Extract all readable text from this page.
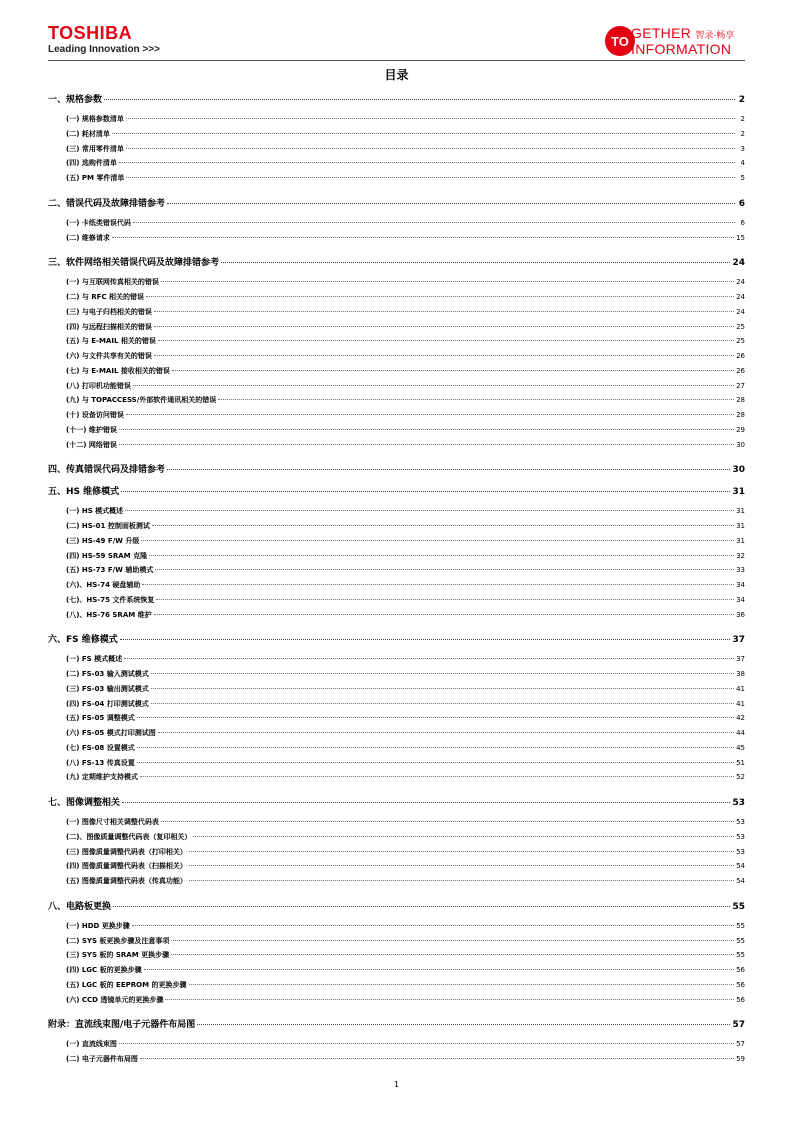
TOSHIBA
Leading Innovation >>>
TO GETHER 智录·畅享
INFORMATION
目录
一、规格参数	2
(一) 规格参数清单	2
(二) 耗材清单	2
(三) 常用零件清单	3
(四) 选购件清单	4
(五) PM 零件清单	5
二、错误代码及故障排错参考	6
(一) 卡纸类错误代码	6
(二) 维修请求	15
三、软件网络相关错误代码及故障排错参考	24
(一) 与互联网传真相关的错误	24
(二) 与 RFC 相关的错误	24
(三) 与电子归档相关的错误	24
(四) 与远程扫描相关的错误	25
(五) 与 E-MAIL 相关的错误	25
(六) 与文件共享有关的错误	26
(七) 与 E-MAIL 接收相关的错误	26
(八) 打印机功能错误	27
(九) 与 TOPACCESS/外部软件通讯相关的错误	28
(十) 设备访问错误	28
(十一) 维护错误	29
(十二) 网络错误	30
四、传真错误代码及排错参考	30
五、HS 维修模式	31
(一) HS 模式概述	31
(二) HS-01 控制面板测试	31
(三) HS-49 F/W 升级	31
(四) HS-59 SRAM 克隆	32
(五) HS-73 F/W 辅助模式	33
(六)、HS-74 硬盘辅助	34
(七)、HS-75 文件系统恢复	34
(八)、HS-76 SRAM 维护	36
六、FS 维修模式	37
(一) FS 模式概述	37
(二) FS-03 输入测试模式	38
(三) FS-03 输出测试模式	41
(四) FS-04 打印测试模式	41
(五) FS-05 调整模式	42
(六) FS-05 模式打印测试图	44
(七) FS-08 设置模式	45
(八) FS-13 传真设置	51
(九) 定期维护支持模式	52
七、图像调整相关	53
(一) 图像尺寸相关调整代码表	53
(二)、图像质量调整代码表（复印相关）	53
(三) 图像质量调整代码表（打印相关）	53
(四) 图像质量调整代码表（扫描相关）	54
(五) 图像质量调整代码表（传真功能）	54
八、电路板更换	55
(一) HDD 更换步骤	55
(二) SYS 板更换步骤及注意事项	55
(三) SYS 板的 SRAM 更换步骤	55
(四) LGC 板的更换步骤	56
(五) LGC 板的 EEPROM 的更换步骤	56
(六) CCD 透镜单元的更换步骤	56
附录：直流线束图/电子元器件布局图	57
(一) 直流线束图	57
(二) 电子元器件布局图	59
1
